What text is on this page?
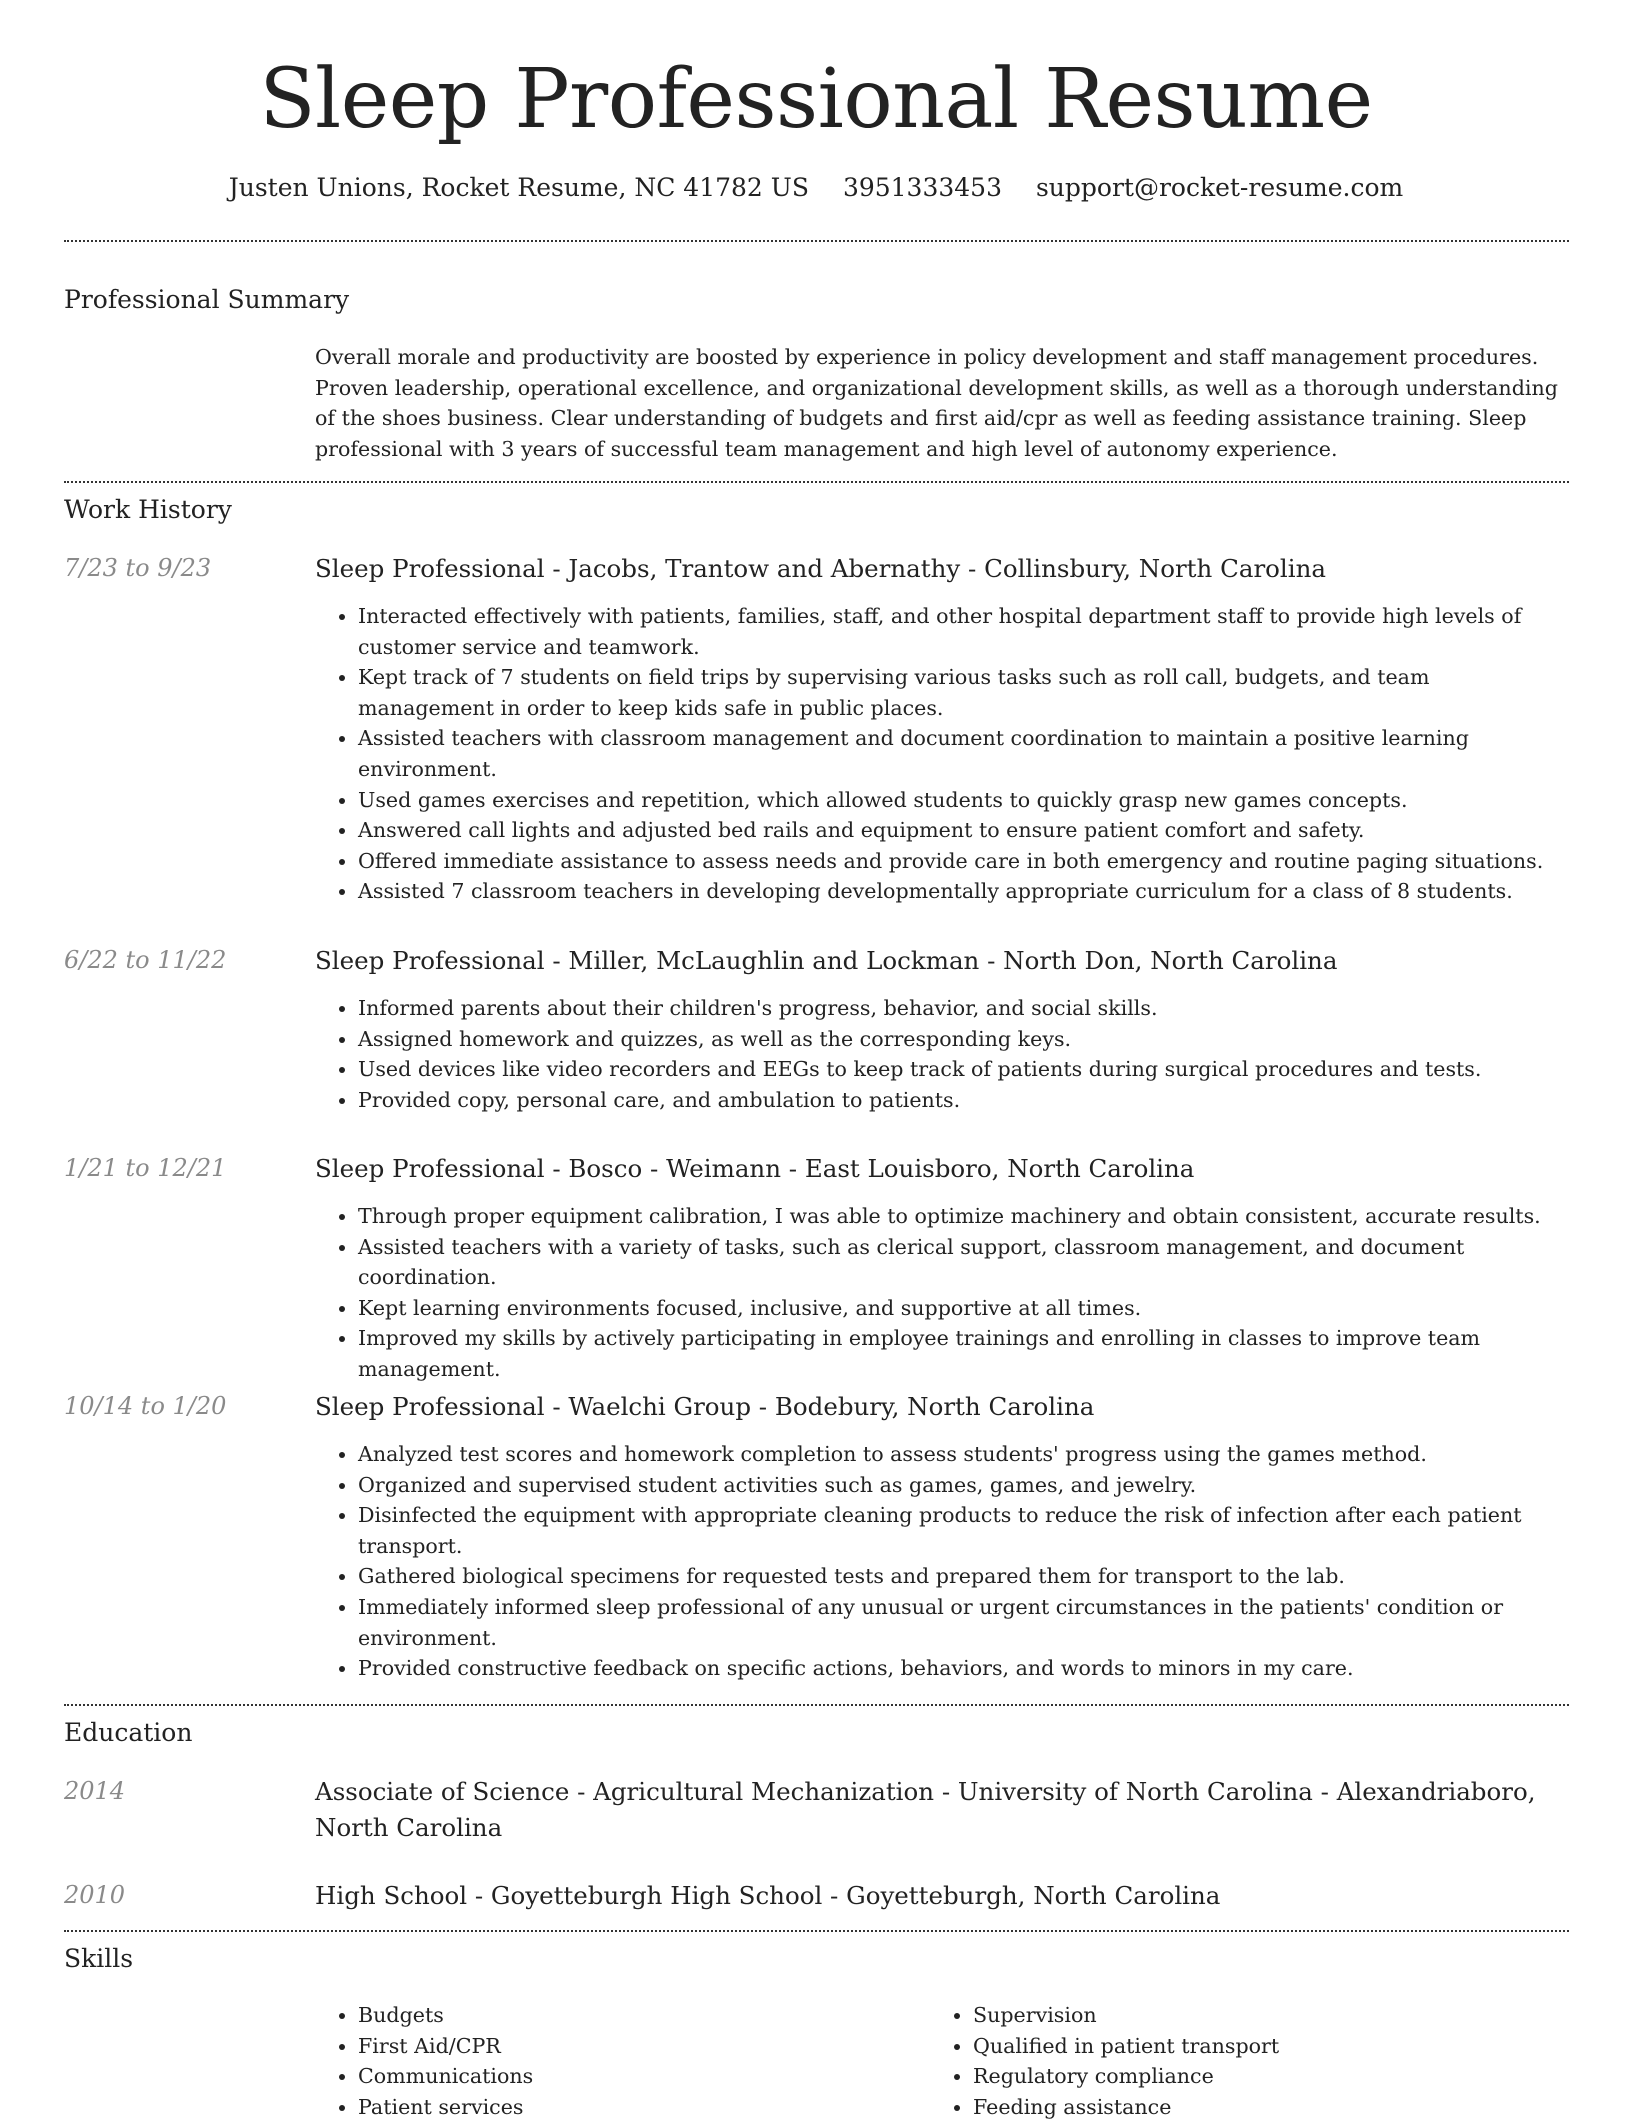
Sleep Professional Resume
Justen Unions, Rocket Resume, NC 41782 US 3951333453 support@rocket-resume.com
Professional Summary

Overall morale and productivity are boosted by experience in policy development and staff management procedures. Proven leadership, operational excellence, and organizational development skills, as well as a thorough understanding of the shoes business. Clear understanding of budgets and first aid/cpr as well as feeding assistance training. Sleep professional with 3 years of successful team management and high level of autonomy experience.

Work History
7/23 to 9/23	Sleep Professional - Jacobs, Trantow and Abernathy - Collinsbury, North Carolina
• Interacted effectively with patients, families, staff, and other hospital department staff to provide high levels of customer service and teamwork.
• Kept track of 7 students on field trips by supervising various tasks such as roll call, budgets, and team management in order to keep kids safe in public places.
• Assisted teachers with classroom management and document coordination to maintain a positive learning environment.
• Used games exercises and repetition, which allowed students to quickly grasp new games concepts.
• Answered call lights and adjusted bed rails and equipment to ensure patient comfort and safety.
• Offered immediate assistance to assess needs and provide care in both emergency and routine paging situations.
• Assisted 7 classroom teachers in developing developmentally appropriate curriculum for a class of 8 students.
6/22 to 11/22	Sleep Professional - Miller, McLaughlin and Lockman - North Don, North Carolina
• Informed parents about their children's progress, behavior, and social skills.
• Assigned homework and quizzes, as well as the corresponding keys.
• Used devices like video recorders and EEGs to keep track of patients during surgical procedures and tests.
• Provided copy, personal care, and ambulation to patients.
1/21 to 12/21	Sleep Professional - Bosco - Weimann - East Louisboro, North Carolina
• Through proper equipment calibration, I was able to optimize machinery and obtain consistent, accurate results.
• Assisted teachers with a variety of tasks, such as clerical support, classroom management, and document coordination.
• Kept learning environments focused, inclusive, and supportive at all times.
• Improved my skills by actively participating in employee trainings and enrolling in classes to improve team management.
10/14 to 1/20	Sleep Professional - Waelchi Group - Bodebury, North Carolina
• Analyzed test scores and homework completion to assess students' progress using the games method.
• Organized and supervised student activities such as games, games, and jewelry.
• Disinfected the equipment with appropriate cleaning products to reduce the risk of infection after each patient transport.
• Gathered biological specimens for requested tests and prepared them for transport to the lab.
• Immediately informed sleep professional of any unusual or urgent circumstances in the patients' condition or environment.
• Provided constructive feedback on specific actions, behaviors, and words to minors in my care.
Education
2014	Associate of Science - Agricultural Mechanization - University of North Carolina - Alexandriaboro, North Carolina
2010	High School - Goyetteburgh High School - Goyetteburgh, North Carolina
Skills
• Budgets
• First Aid/CPR
• Communications
• Patient services
• Supervision
• Qualified in patient transport
• Regulatory compliance
• Feeding assistance
